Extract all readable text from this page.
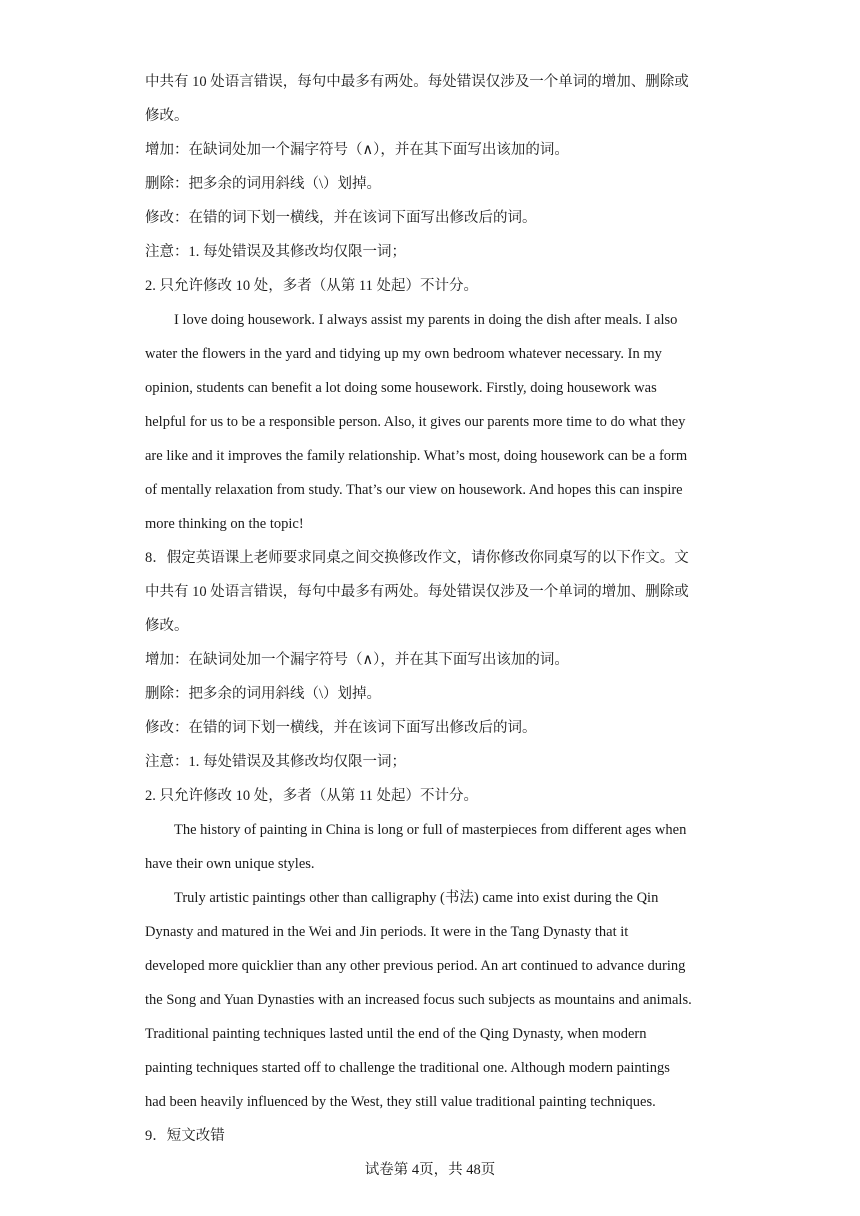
中共有 10 处语言错误，每句中最多有两处。每处错误仅涉及一个单词的增加、删除或
修改。
增加：在缺词处加一个漏字符号（∧），并在其下面写出该加的词。
删除：把多余的词用斜线（\）划掉。
修改：在错的词下划一横线，并在该词下面写出修改后的词。
注意：1. 每处错误及其修改均仅限一词；
2. 只允许修改 10 处，多者（从第 11 处起）不计分。
I love doing housework. I always assist my parents in doing the dish after meals. I also
water the flowers in the yard and tidying up my own bedroom whatever necessary. In my
opinion, students can benefit a lot doing some housework. Firstly, doing housework was
helpful for us to be a responsible person. Also, it gives our parents more time to do what they
are like and it improves the family relationship. What’s most, doing housework can be a form
of mentally relaxation from study. That’s our view on housework. And hopes this can inspire
more thinking on the topic!
8．假定英语课上老师要求同桌之间交换修改作文，请你修改你同桌写的以下作文。文
中共有 10 处语言错误，每句中最多有两处。每处错误仅涉及一个单词的增加、删除或
修改。
增加：在缺词处加一个漏字符号（∧），并在其下面写出该加的词。
删除：把多余的词用斜线（\）划掉。
修改：在错的词下划一横线，并在该词下面写出修改后的词。
注意：1. 每处错误及其修改均仅限一词；
2. 只允许修改 10 处，多者（从第 11 处起）不计分。
The history of painting in China is long or full of masterpieces from different ages when
have their own unique styles.
Truly artistic paintings other than calligraphy (书法) came into exist during the Qin
Dynasty and matured in the Wei and Jin periods. It were in the Tang Dynasty that it
developed more quicklier than any other previous period. An art continued to advance during
the Song and Yuan Dynasties with an increased focus such subjects as mountains and animals.
Traditional painting techniques lasted until the end of the Qing Dynasty, when modern
painting techniques started off to challenge the traditional one. Although modern paintings
had been heavily influenced by the West, they still value traditional painting techniques.
9．短文改错
试卷第 4页，共 48页
